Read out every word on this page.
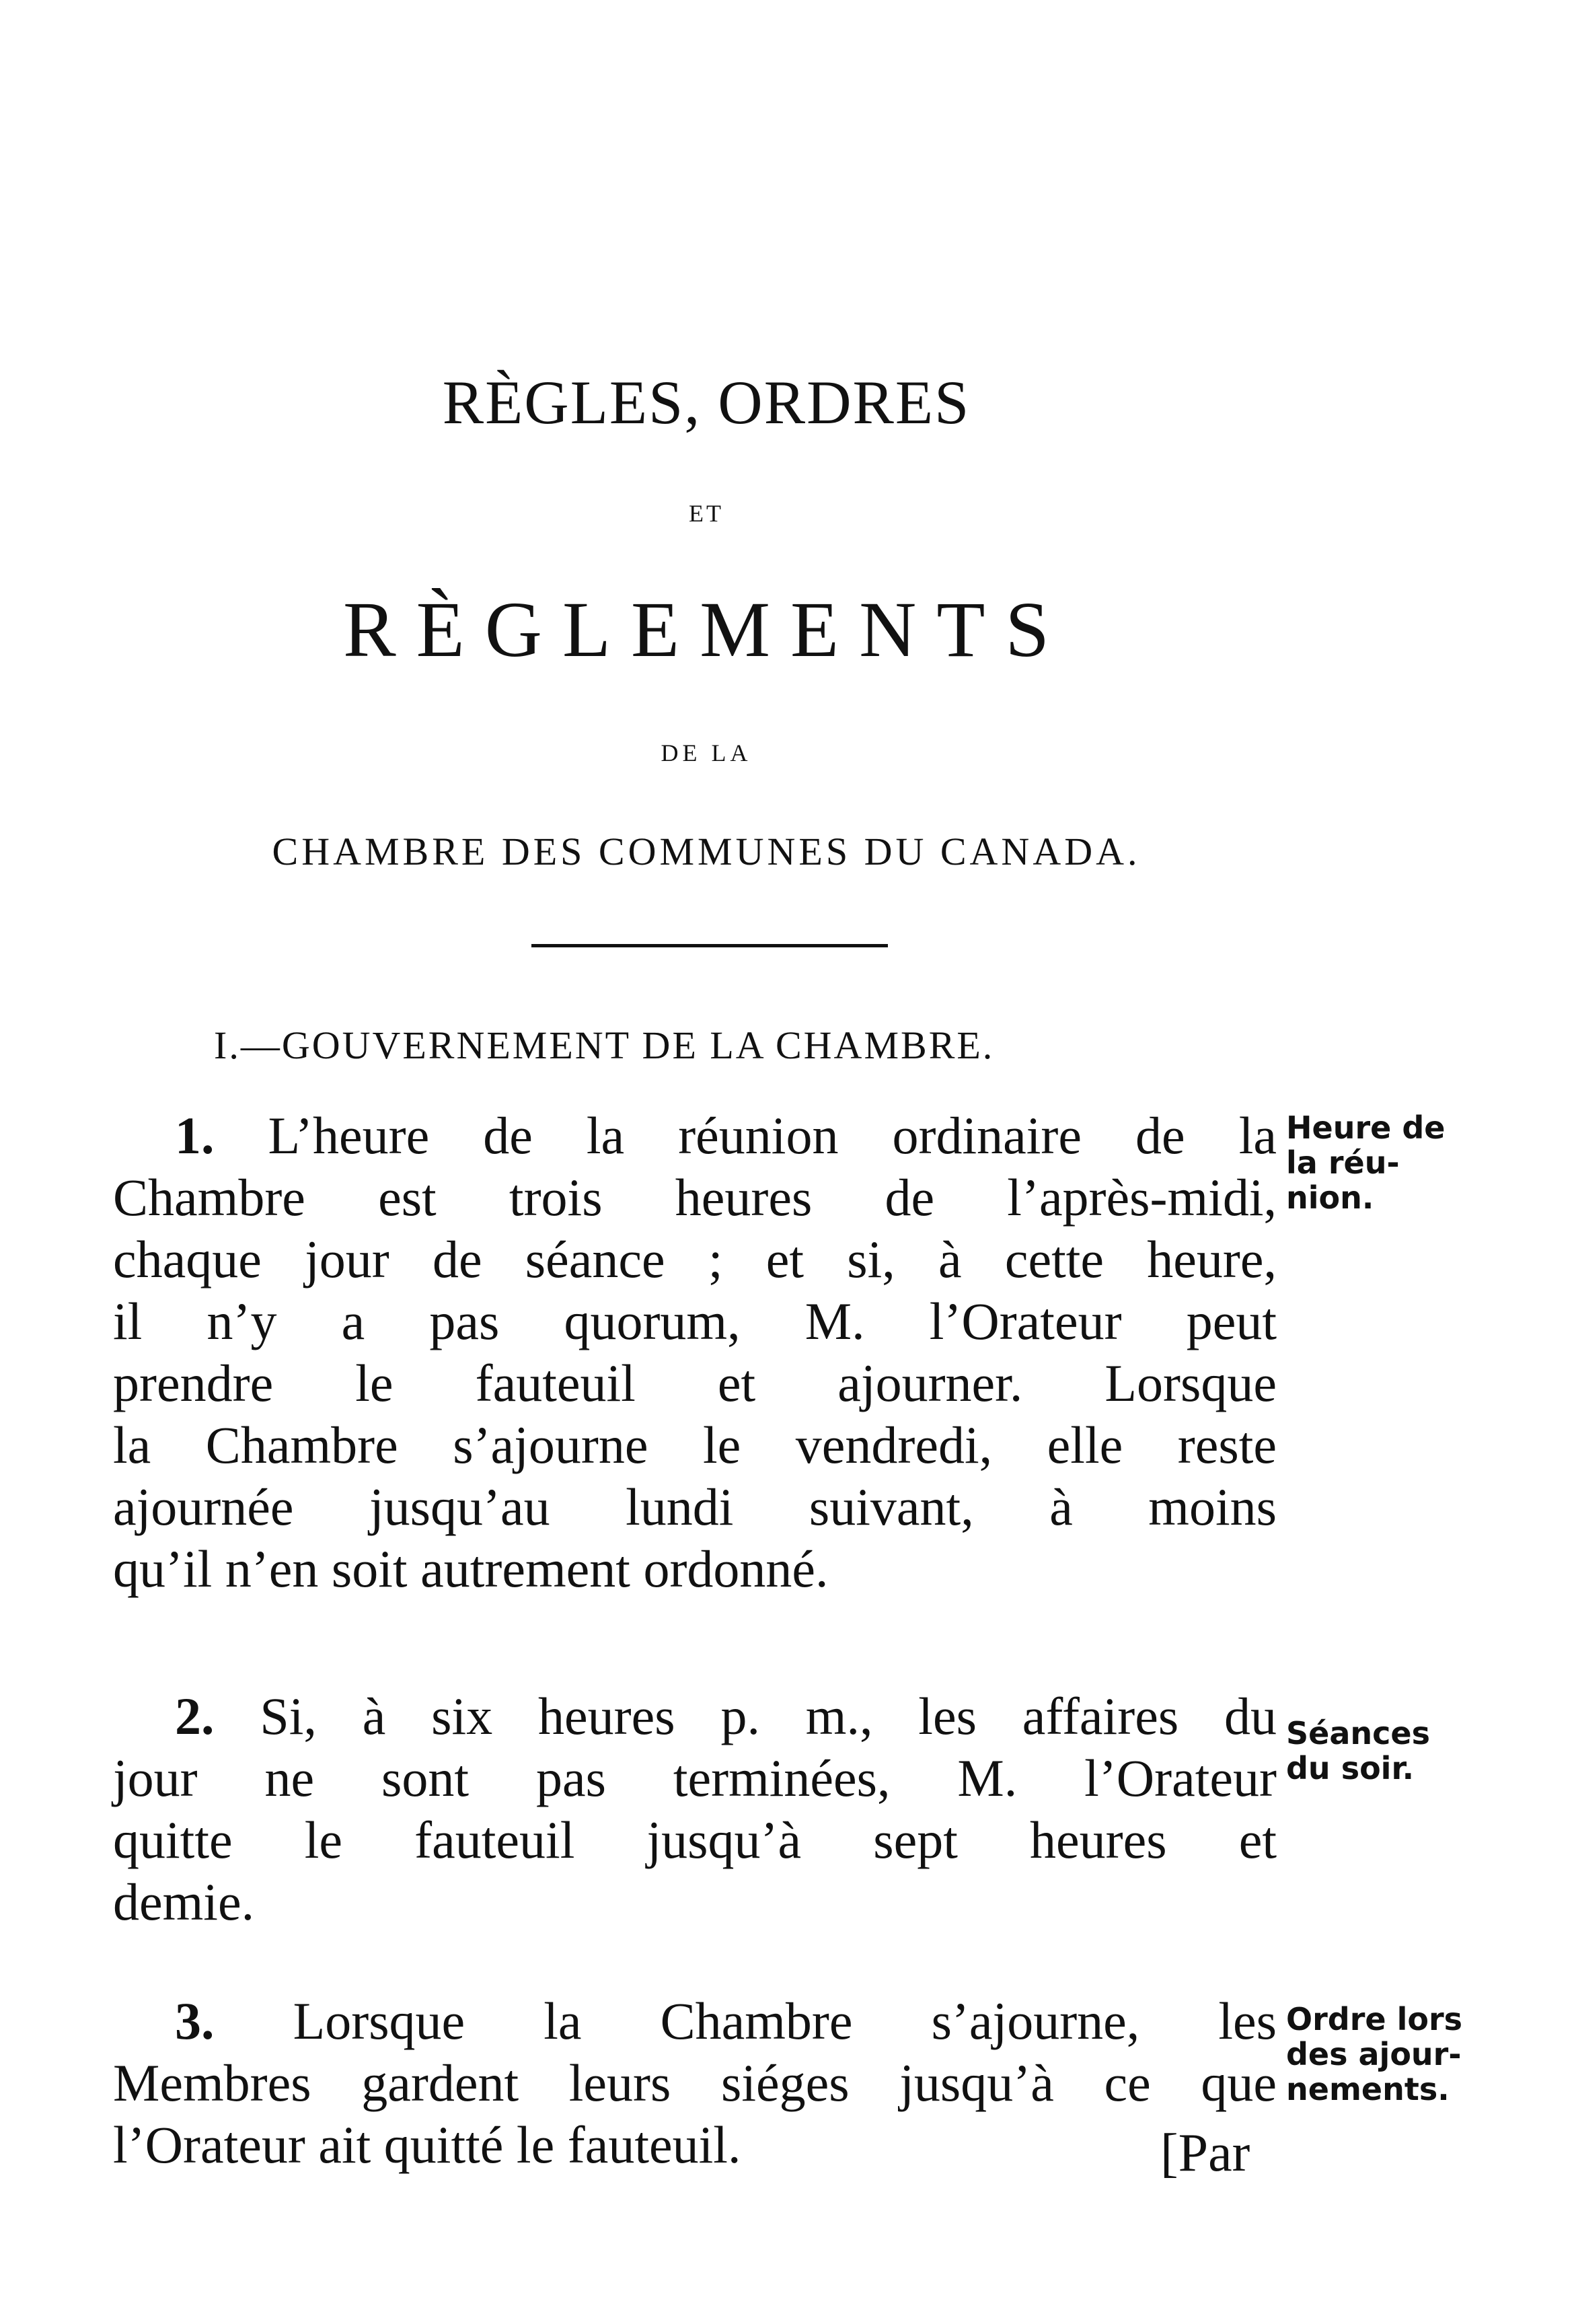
RÈGLES, ORDRES
ET
RÈGLEMENTS
DE LA
CHAMBRE DES COMMUNES DU CANADA.
I.—GOUVERNEMENT DE LA CHAMBRE.
1. L’heure de la réunion ordinaire de la
Chambre est trois heures de l’après-midi,
chaque jour de séance ; et si, à cette heure,
il n’y a pas quorum, M. l’Orateur peut
prendre le fauteuil et ajourner. Lorsque
la Chambre s’ajourne le vendredi, elle reste
ajournée jusqu’au lundi suivant, à moins
qu’il n’en soit autrement ordonné.
Heure de
la réu-
nion.
2. Si, à six heures p. m., les affaires du
jour ne sont pas terminées, M. l’Orateur
quitte le fauteuil jusqu’à sept heures et
demie.
Séances
du soir.
3. Lorsque la Chambre s’ajourne, les
Membres gardent leurs siéges jusqu’à ce que
l’Orateur ait quitté le fauteuil.
Ordre lors
des ajour-
nements.
[Par
